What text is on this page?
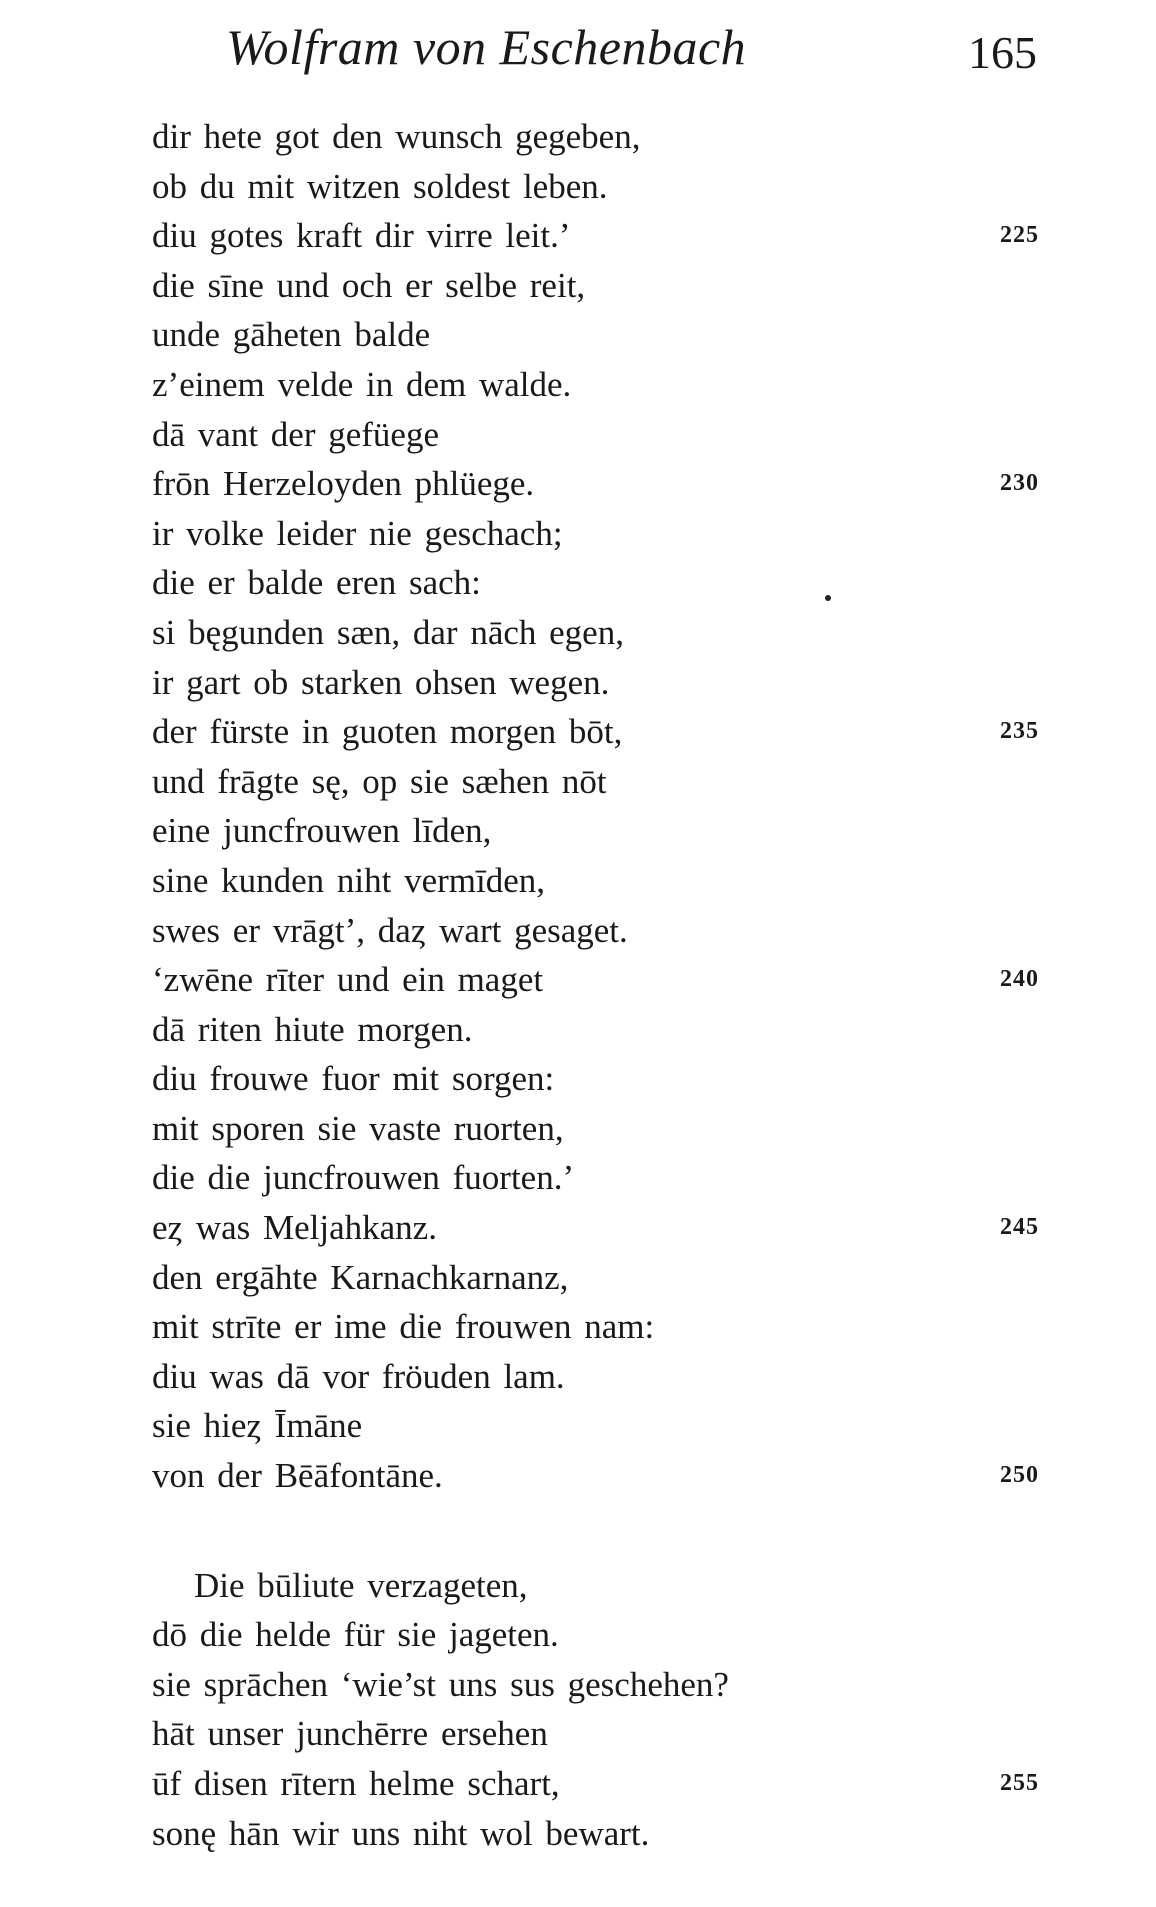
Wolfram von Eschenbach	165
dir hete got den wunsch gegeben,
ob du mit witzen soldest leben.
diu gotes kraft dir virre leit.’	225
die sīne und och er selbe reit,
unde gāheten balde
z’einem velde in dem walde.
dā vant der gefüege
frōn Herzeloyden phlüege.	230
ir volke leider nie geschach;
die er balde eren sach:
si bęgunden sæn, dar nāch egen,
ir gart ob starken ohsen wegen.
der fürste in guoten morgen bōt,	235
und frāgte sę, op sie sæhen nōt
eine juncfrouwen līden,
sine kunden niht vermīden,
swes er vrāgt’, daȥ wart gesaget.
‘zwēne rīter und ein maget	240
dā riten hiute morgen.
diu frouwe fuor mit sorgen:
mit sporen sie vaste ruorten,
die die juncfrouwen fuorten.’
eȥ was Meljahkanz.	245
den ergāhte Karnachkarnanz,
mit strīte er ime die frouwen nam:
diu was dā vor fröuden lam.
sie hieȥ Īmāne
von der Bēāfontāne.	250
Die būliute verzageten,
dō die helde für sie jageten.
sie sprāchen ‘wie’st uns sus geschehen?
hāt unser junchērre ersehen
ūf disen rītern helme schart,	255
sonę hān wir uns niht wol bewart.
